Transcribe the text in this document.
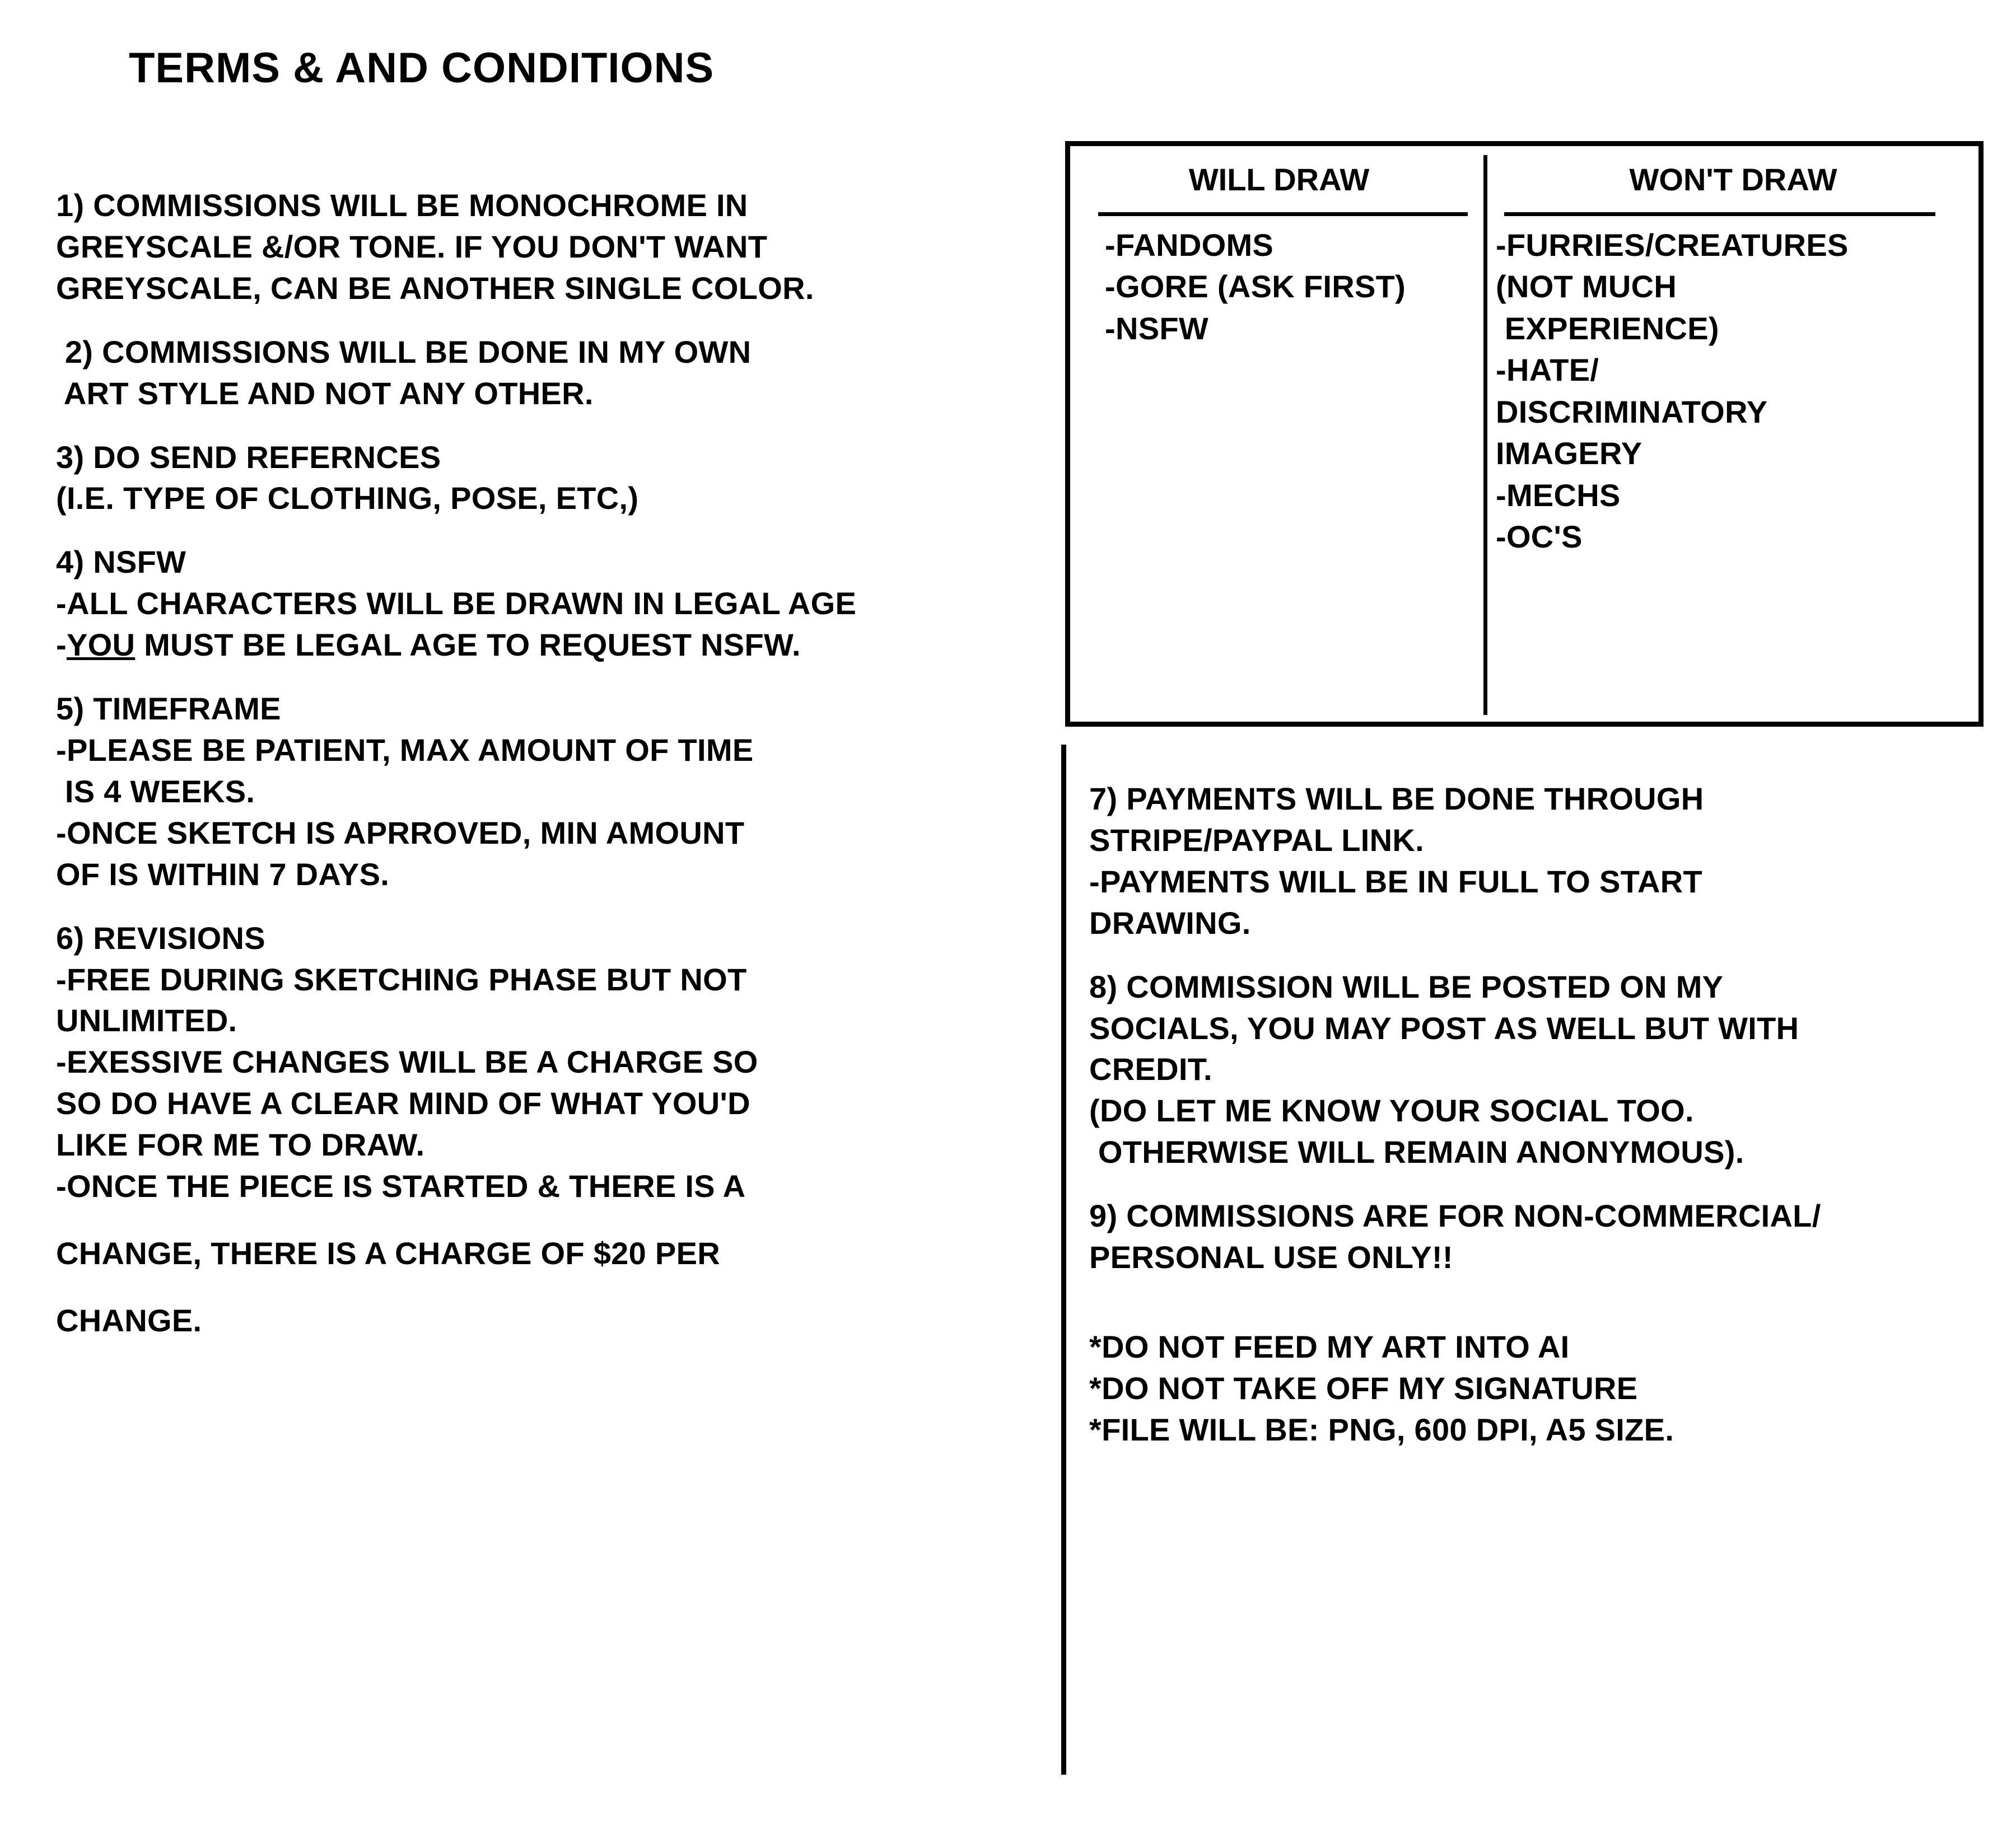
TERMS & AND CONDITIONS
1) COMMISSIONS WILL BE MONOCHROME IN
GREYSCALE &/OR TONE. IF YOU DON'T WANT
GREYSCALE, CAN BE ANOTHER SINGLE COLOR.
2) COMMISSIONS WILL BE DONE IN MY OWN
ART STYLE AND NOT ANY OTHER.
3) DO SEND REFERNCES
(I.E. TYPE OF CLOTHING, POSE, ETC,)
4) NSFW
-ALL CHARACTERS WILL BE DRAWN IN LEGAL AGE
-YOU MUST BE LEGAL AGE TO REQUEST NSFW.
5) TIMEFRAME
-PLEASE BE PATIENT, MAX AMOUNT OF TIME
IS 4 WEEKS.
-ONCE SKETCH IS APRROVED, MIN AMOUNT
OF IS WITHIN 7 DAYS.
6) REVISIONS
-FREE DURING SKETCHING PHASE BUT NOT
UNLIMITED.
-EXESSIVE CHANGES WILL BE A CHARGE SO
SO DO HAVE A CLEAR MIND OF WHAT YOU'D
LIKE FOR ME TO DRAW.
-ONCE THE PIECE IS STARTED & THERE IS A
CHANGE, THERE IS A CHARGE OF $20 PER
CHANGE.
WILL DRAW	WON'T DRAW
-FANDOMS
-GORE (ASK FIRST)
-NSFW
-FURRIES/CREATURES
(NOT MUCH
EXPERIENCE)
-HATE/
DISCRIMINATORY
IMAGERY
-MECHS
-OC'S
7) PAYMENTS WILL BE DONE THROUGH
STRIPE/PAYPAL LINK.
-PAYMENTS WILL BE IN FULL TO START
DRAWING.
8) COMMISSION WILL BE POSTED ON MY
SOCIALS, YOU MAY POST AS WELL BUT WITH
CREDIT.
(DO LET ME KNOW YOUR SOCIAL TOO.
OTHERWISE WILL REMAIN ANONYMOUS).
9) COMMISSIONS ARE FOR NON-COMMERCIAL/
PERSONAL USE ONLY!!
*DO NOT FEED MY ART INTO AI
*DO NOT TAKE OFF MY SIGNATURE
*FILE WILL BE: PNG, 600 DPI, A5 SIZE.
